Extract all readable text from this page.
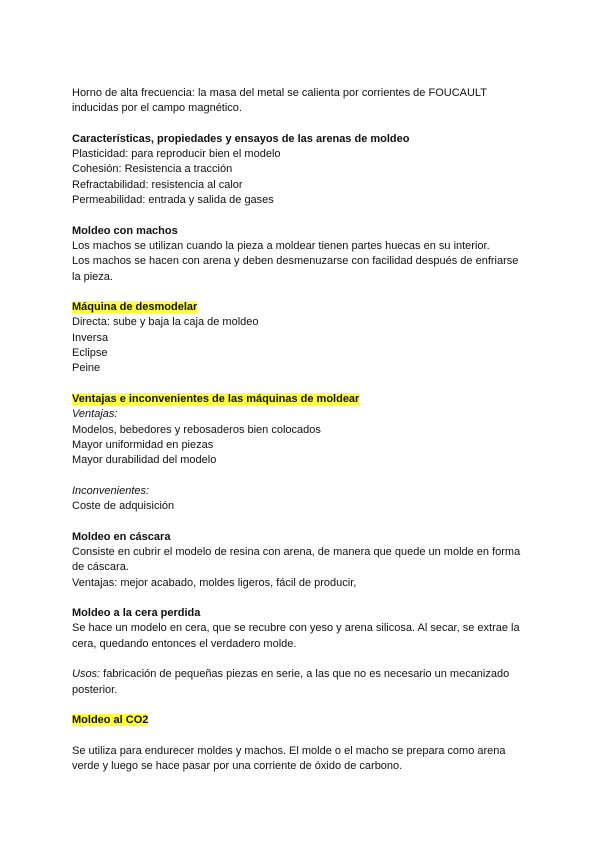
Horno de alta frecuencia: la masa del metal se calienta por corrientes de FOUCAULT

inducidas por el campo magnético.

Características, propiedades y ensayos de las arenas de moldeo

Plasticidad: para reproducir bien el modelo

Cohesión: Resistencia a tracción

Refractabilidad: resistencia al calor

Permeabilidad: entrada y salida de gases

Moldeo con machos

Los machos se utilizan cuando la pieza a moldear tienen partes huecas en su interior.

Los machos se hacen con arena y deben desmenuzarse con facilidad después de enfriarse

la pieza.

Máquina de desmodelar

Directa: sube y baja la caja de moldeo

Inversa

Eclipse

Peine

Ventajas e inconvenientes de las máquinas de moldear

Ventajas:

Modelos, bebedores y rebosaderos bien colocados

Mayor uniformidad en piezas

Mayor durabilidad del modelo

Inconvenientes:

Coste de adquisición

Moldeo en cáscara

Consiste en cubrir el modelo de resina con arena, de manera que quede un molde en forma

de cáscara.

Ventajas: mejor acabado, moldes ligeros, fácil de producir,

Moldeo a la cera perdida

Se hace un modelo en cera, que se recubre con yeso y arena silicosa. Al secar, se extrae la

cera, quedando entonces el verdadero molde.

Usos: fabricación de pequeñas piezas en serie, a las que no es necesario un mecanizado

posterior.

Moldeo al CO2

Se utiliza para endurecer moldes y machos. El molde o el macho se prepara como arena

verde y luego se hace pasar por una corriente de óxido de carbono.
